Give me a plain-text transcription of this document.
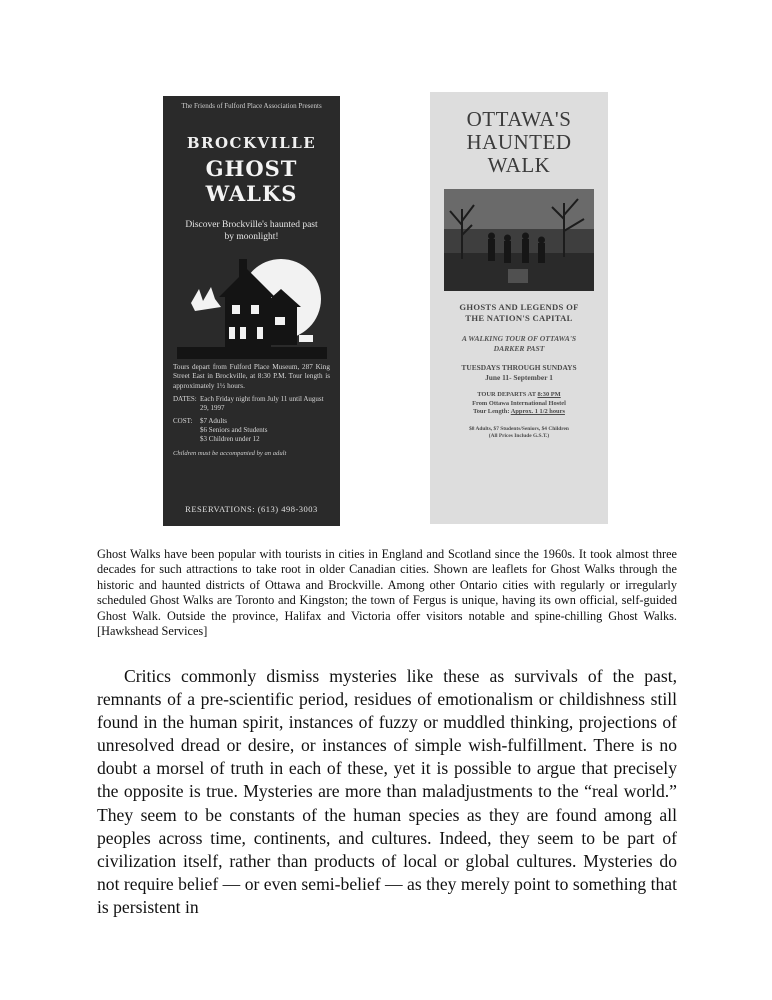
The Friends of Fulford Place Association Presents
BROCKVILLE
GHOST WALKS
Discover Brockville's haunted past by moonlight!
Tours depart from Fulford Place Museum, 287 King Street East in Brockville, at 8:30 P.M. Tour length is approximately 1½ hours.
DATES: Each Friday night from July 11 until August 29, 1997
COST:	$7 Adults
$6 Seniors and Students
$3 Children under 12
Children must be accompanied by an adult
RESERVATIONS: (613) 498-3003
OTTAWA'S
HAUNTED
WALK
GHOSTS AND LEGENDS OF
THE NATION'S CAPITAL
A WALKING TOUR OF OTTAWA'S
DARKER PAST
TUESDAYS THROUGH SUNDAYS
June 11- September 1
TOUR DEPARTS AT 8:30 PM
From Ottawa International Hostel
Tour Length: Approx. 1 1/2 hours
$8 Adults, $7 Students/Seniors, $4 Children
(All Prices Include G.S.T.)

Ghost Walks have been popular with tourists in cities in England and Scotland since the 1960s. It took almost three decades for such attractions to take root in older Canadian cities. Shown are leaflets for Ghost Walks through the historic and haunted districts of Ottawa and Brockville. Among other Ontario cities with regularly or irregularly scheduled Ghost Walks are Toronto and Kingston; the town of Fergus is unique, having its own official, self-guided Ghost Walk. Outside the province, Halifax and Victoria offer visitors notable and spine-chilling Ghost Walks. [Hawkshead Services]

Critics commonly dismiss mysteries like these as survivals of the past, remnants of a pre-scientific period, residues of emotionalism or childishness still found in the human spirit, instances of fuzzy or muddled thinking, projections of unresolved dread or desire, or instances of simple wish-fulfillment. There is no doubt a morsel of truth in each of these, yet it is possible to argue that precisely the opposite is true. Mysteries are more than maladjustments to the “real world.” They seem to be constants of the human species as they are found among all peoples across time, continents, and cultures. Indeed, they seem to be part of civilization itself, rather than products of local or global cultures. Mysteries do not require belief — or even semi-belief — as they merely point to something that is persistent in
